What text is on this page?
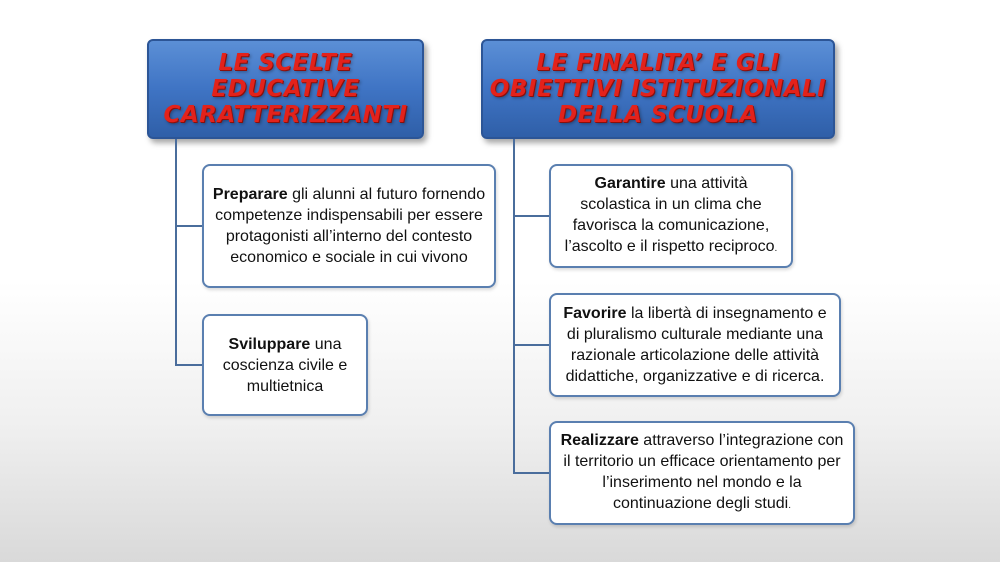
LE SCELTE EDUCATIVE CARATTERIZZANTI
LE FINALITA’ E GLI OBIETTIVI ISTITUZIONALI DELLA SCUOLA

Preparare gli alunni al futuro fornendo competenze indispensabili per essere protagonisti all’interno del contesto economico e sociale in cui vivono

Sviluppare una coscienza civile e multietnica

Garantire una attività scolastica in un clima che favorisca la comunicazione, l’ascolto e il rispetto reciproco.

Favorire la libertà di insegnamento e di pluralismo culturale mediante una razionale articolazione delle attività didattiche, organizzative e di ricerca.

Realizzare attraverso l’integrazione con il territorio un efficace orientamento per l’inserimento nel mondo e la continuazione degli studi.
